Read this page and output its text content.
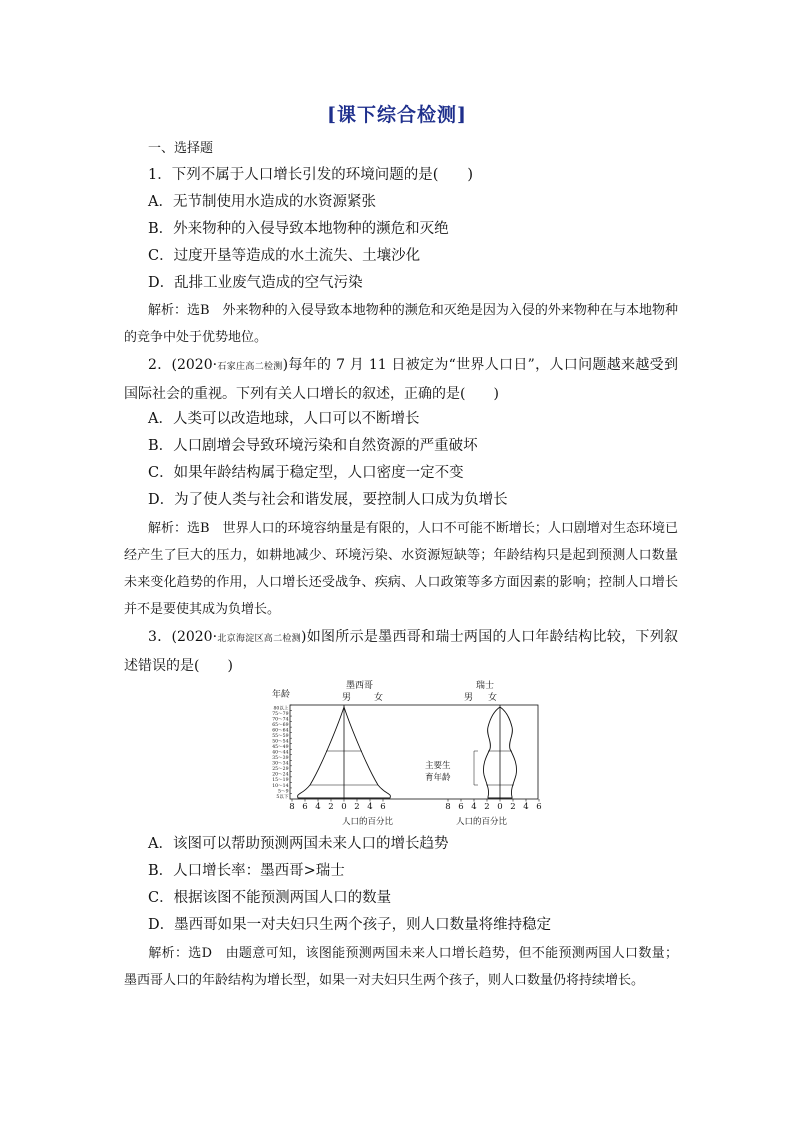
[课下综合检测]
一、选择题
1．下列不属于人口增长引发的环境问题的是(　　)
A．无节制使用水造成的水资源紧张
B．外来物种的入侵导致本地物种的濒危和灭绝
C．过度开垦等造成的水土流失、土壤沙化
D．乱排工业废气造成的空气污染
解析：选B　外来物种的入侵导致本地物种的濒危和灭绝是因为入侵的外来物种在与本地物种的竞争中处于优势地位。
2．(2020·石家庄高二检测)每年的 7 月 11 日被定为“世界人口日”，人口问题越来越受到国际社会的重视。下列有关人口增长的叙述，正确的是(　　)
A．人类可以改造地球，人口可以不断增长
B．人口剧增会导致环境污染和自然资源的严重破坏
C．如果年龄结构属于稳定型，人口密度一定不变
D．为了使人类与社会和谐发展，要控制人口成为负增长
解析：选B　世界人口的环境容纳量是有限的，人口不可能不断增长；人口剧增对生态环境已经产生了巨大的压力，如耕地减少、环境污染、水资源短缺等；年龄结构只是起到预测人口数量未来变化趋势的作用，人口增长还受战争、疾病、人口政策等多方面因素的影响；控制人口增长并不是要使其成为负增长。
3．(2020·北京海淀区高二检测)如图所示是墨西哥和瑞士两国的人口年龄结构比较，下列叙述错误的是(　　)
年龄
墨西哥
男	女
瑞士
男 女
主要生
育年龄
人口的百分比	人口的百分比
80以上
75～79
70～74
65～69
60～64
55～59
50～54
45～49
40～44
35～39
30～34
25～29
20～24
15～19
10～14
5～9
5以下
8 6 4 2 0 2 4 6	8 6 4 2 0 2 4 6
A．该图可以帮助预测两国未来人口的增长趋势
B．人口增长率：墨西哥>瑞士
C．根据该图不能预测两国人口的数量
D．墨西哥如果一对夫妇只生两个孩子，则人口数量将维持稳定
解析：选D　由题意可知，该图能预测两国未来人口增长趋势，但不能预测两国人口数量；墨西哥人口的年龄结构为增长型，如果一对夫妇只生两个孩子，则人口数量仍将持续增长。
